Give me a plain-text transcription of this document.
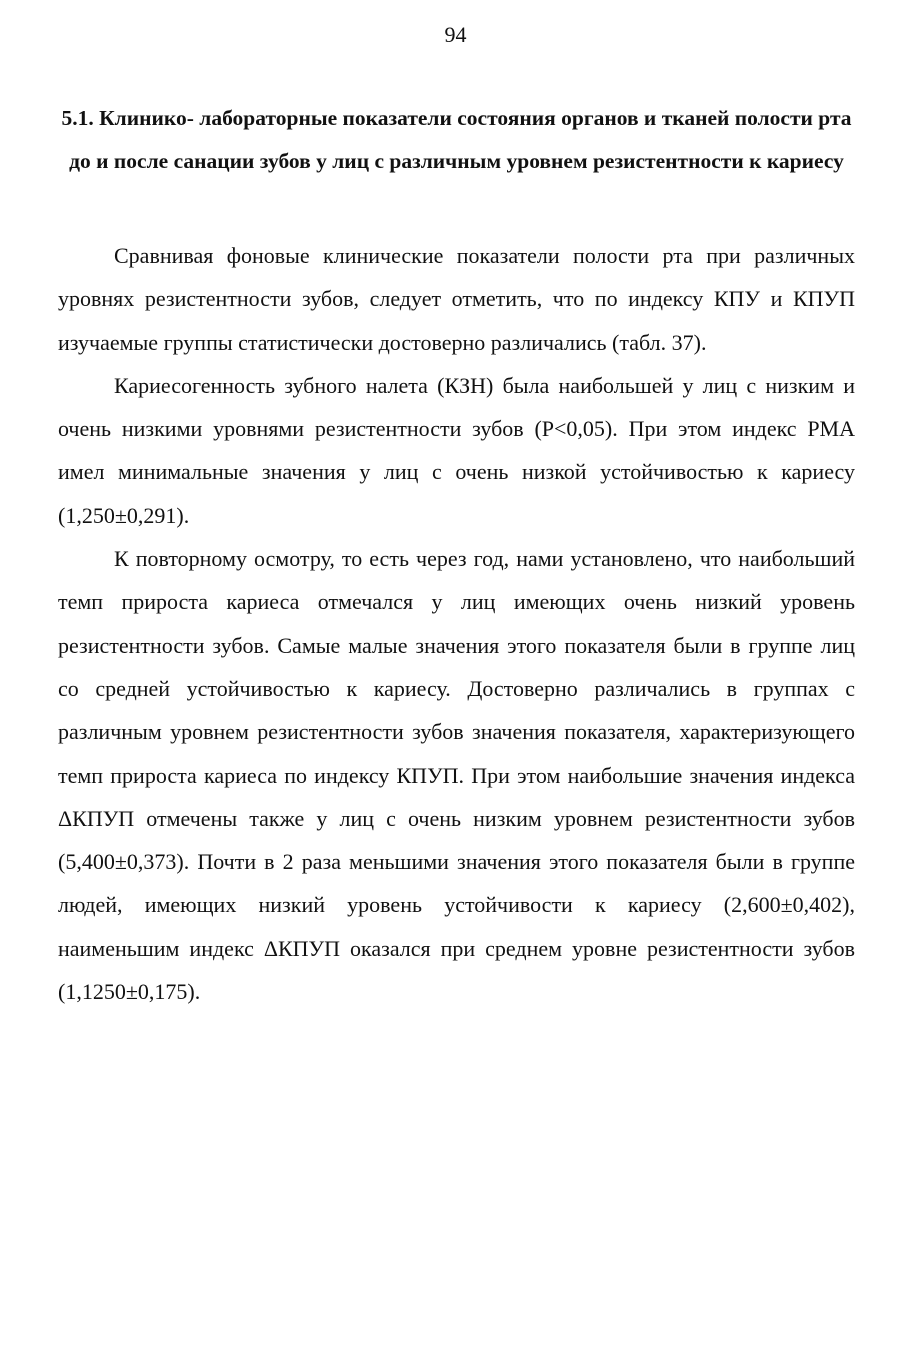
94
5.1. Клинико- лабораторные показатели состояния органов и тканей полости рта до и после санации зубов у лиц с различным уровнем резистентности к кариесу

Сравнивая фоновые клинические показатели полости рта при различных уровнях резистентности зубов, следует отметить, что по индексу КПУ и КПУП изучаемые группы статистически достоверно различались (табл. 37).

Кариесогенность зубного налета (КЗН) была наибольшей у лиц с низким и очень низкими уровнями резистентности зубов (Р<0,05). При этом индекс РМА имел минимальные значения у лиц с очень низкой устойчивостью к кариесу (1,250±0,291).

К повторному осмотру, то есть через год, нами установлено, что наибольший темп прироста кариеса отмечался у лиц имеющих очень низкий уровень резистентности зубов. Самые малые значения этого показателя были в группе лиц со средней устойчивостью к кариесу. Достоверно различались в группах с различным уровнем резистентности зубов значения показателя, характеризующего темп прироста кариеса по индексу КПУП. При этом наибольшие значения индекса ΔКПУП отмечены также у лиц с очень низким уровнем резистентности зубов (5,400±0,373). Почти в 2 раза меньшими значения этого показателя были в группе людей, имеющих низкий уровень устойчивости к кариесу (2,600±0,402), наименьшим индекс ΔКПУП оказался при среднем уровне резистентности зубов (1,1250±0,175).
